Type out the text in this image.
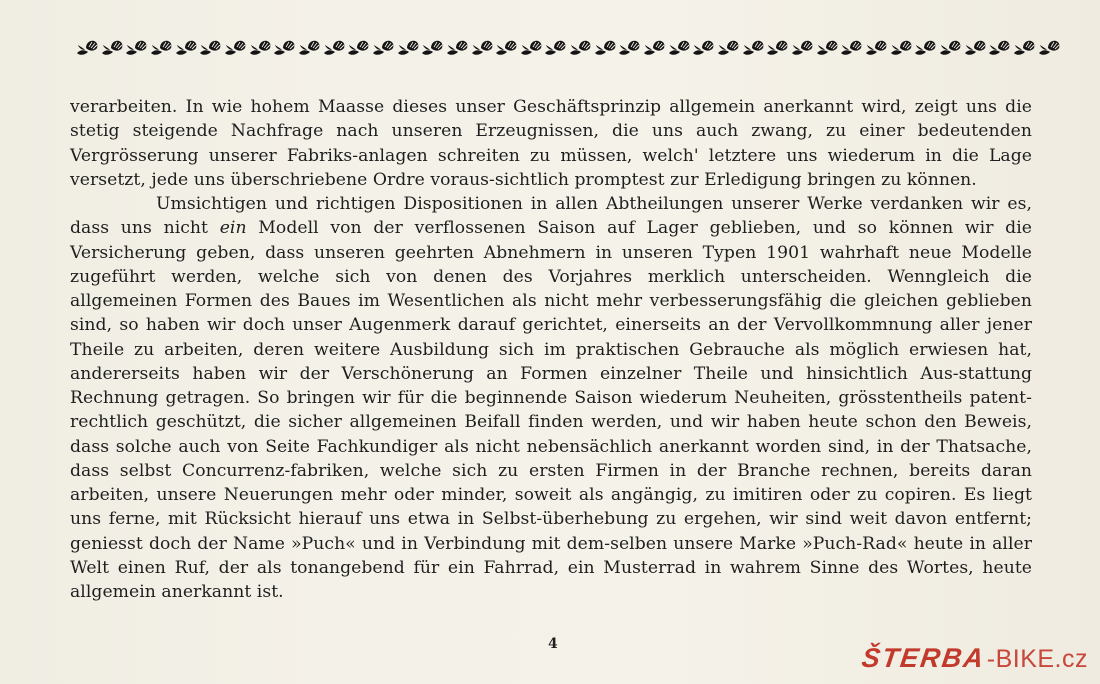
verarbeiten. In wie hohem Maasse dieses unser Geschäftsprinzip allgemein anerkannt wird, zeigt uns die stetig steigende Nachfrage nach unseren Erzeugnissen, die uns auch zwang, zu einer bedeutenden Vergrösserung unserer Fabriks-anlagen schreiten zu müssen, welch' letztere uns wiederum in die Lage versetzt, jede uns überschriebene Ordre voraus-sichtlich promptest zur Erledigung bringen zu können.

Umsichtigen und richtigen Dispositionen in allen Abtheilungen unserer Werke verdanken wir es, dass uns nicht ein Modell von der verflossenen Saison auf Lager geblieben, und so können wir die Versicherung geben, dass unseren geehrten Abnehmern in unseren Typen 1901 wahrhaft neue Modelle zugeführt werden, welche sich von denen des Vorjahres merklich unterscheiden. Wenngleich die allgemeinen Formen des Baues im Wesentlichen als nicht mehr verbesserungsfähig die gleichen geblieben sind, so haben wir doch unser Augenmerk darauf gerichtet, einerseits an der Vervollkommnung aller jener Theile zu arbeiten, deren weitere Ausbildung sich im praktischen Gebrauche als möglich erwiesen hat, andererseits haben wir der Verschönerung an Formen einzelner Theile und hinsichtlich Aus-stattung Rechnung getragen. So bringen wir für die beginnende Saison wiederum Neuheiten, grösstentheils patent-rechtlich geschützt, die sicher allgemeinen Beifall finden werden, und wir haben heute schon den Beweis, dass solche auch von Seite Fachkundiger als nicht nebensächlich anerkannt worden sind, in der Thatsache, dass selbst Concurrenz-fabriken, welche sich zu ersten Firmen in der Branche rechnen, bereits daran arbeiten, unsere Neuerungen mehr oder minder, soweit als angängig, zu imitiren oder zu copiren. Es liegt uns ferne, mit Rücksicht hierauf uns etwa in Selbst-überhebung zu ergehen, wir sind weit davon entfernt; geniesst doch der Name »Puch« und in Verbindung mit dem-selben unsere Marke »Puch-Rad« heute in aller Welt einen Ruf, der als tonangebend für ein Fahrrad, ein Musterrad in wahrem Sinne des Wortes, heute allgemein anerkannt ist.

4	ŠTERBA -BIKE.cz
